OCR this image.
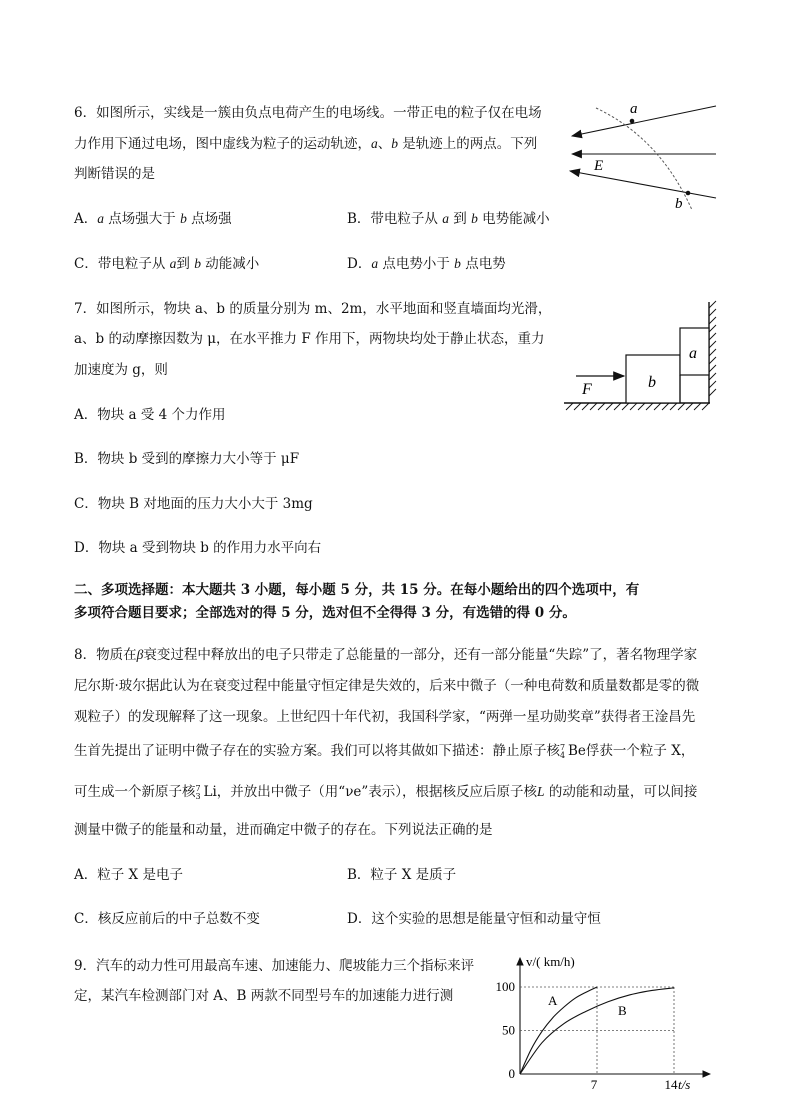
6．如图所示，实线是一簇由负点电荷产生的电场线。一带正电的粒子仅在电场
力作用下通过电场，图中虚线为粒子的运动轨迹，a、b 是轨迹上的两点。下列
判断错误的是
A．a 点场强大于 b 点场强	B．带电粒子从 a 到 b 电势能减小
C．带电粒子从 a到 b 动能减小	D．a 点电势小于 b 点电势
a
E
b
7．如图所示，物块 a、b 的质量分别为 m、2m，水平地面和竖直墙面均光滑，
a、b 的动摩擦因数为 μ，在水平推力 F 作用下，两物块均处于静止状态，重力
加速度为 g，则
A．物块 a 受 4 个力作用
B．物块 b 受到的摩擦力大小等于 μF
C．物块 B 对地面的压力大小大于 3mg
D．物块 a 受到物块 b 的作用力水平向右
F	b
a
二、多项选择题：本大题共 3 小题，每小题 5 分，共 15 分。在每小题给出的四个选项中，有
多项符合题目要求；全部选对的得 5 分，选对但不全得得 3 分，有选错的得 0 分。
8．物质在β衰变过程中释放出的电子只带走了总能量的一部分，还有一部分能量“失踪”了，著名物理学家
尼尔斯·玻尔据此认为在衰变过程中能量守恒定律是失效的，后来中微子（一种电荷数和质量数都是零的微
观粒子）的发现解释了这一现象。上世纪四十年代初，我国科学家，“两弹一星功勋奖章”获得者王淦昌先
生首先提出了证明中微子存在的实验方案。我们可以将其做如下描述：静止原子核 7
4 Be俘获一个粒子 X，
可生成一个新原子核 7
3 Li，并放出中微子（用“νe”表示），根据核反应后原子核L 的动能和动量，可以间接
测量中微子的能量和动量，进而确定中微子的存在。下列说法正确的是
A．粒子 X 是电子	B．粒子 X 是质子
C．核反应前后的中子总数不变	D．这个实验的思想是能量守恒和动量守恒
9．汽车的动力性可用最高车速、加速能力、爬坡能力三个指标来评
定，某汽车检测部门对 A、B 两款不同型号车的加速能力进行测
v/( km/h)
t/s
0
50
100
7	14
A
B
